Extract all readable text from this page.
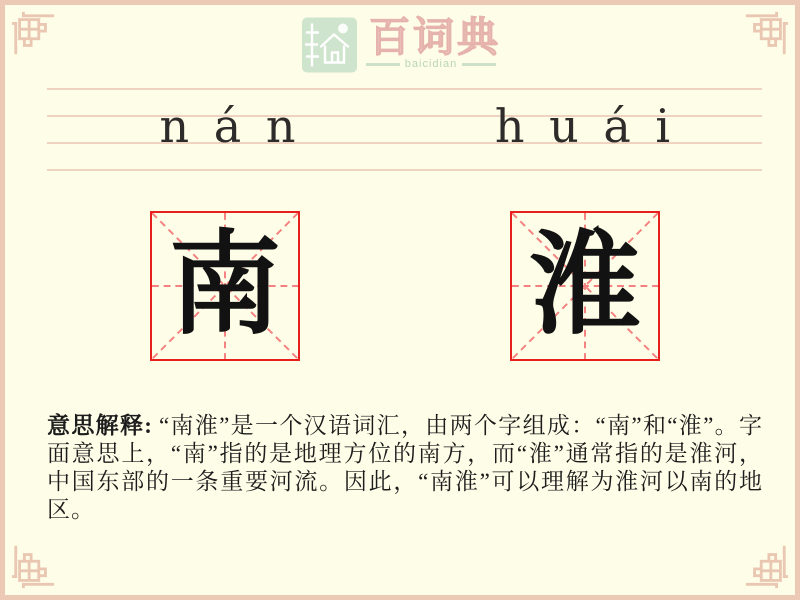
百词典
baicidian
n á n	h u á i
南 淮

意思解释: “南淮”是一个汉语词汇，由两个字组成：“南”和“淮”。字面意思上，“南”指的是地理方位的南方，而“淮”通常指的是淮河，中国东部的一条重要河流。因此，“南淮”可以理解为淮河以南的地区。
